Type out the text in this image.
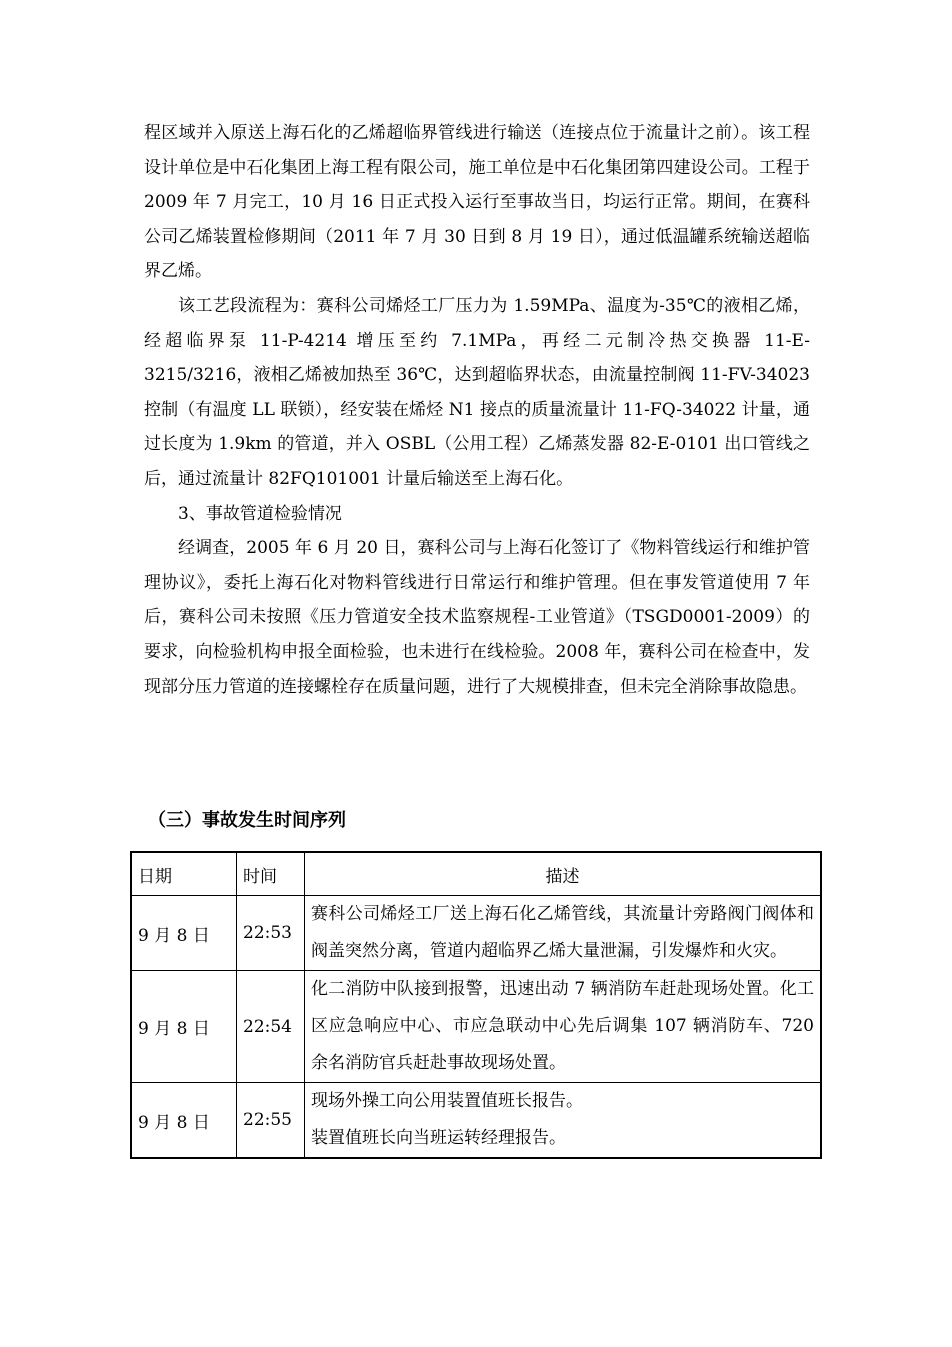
程区域并入原送上海石化的乙烯超临界管线进行输送（连接点位于流量计之前）。该工程设计单位是中石化集团上海工程有限公司，施工单位是中石化集团第四建设公司。工程于 2009 年 7 月完工，10 月 16 日正式投入运行至事故当日，均运行正常。期间，在赛科公司乙烯装置检修期间（2011 年 7 月 30 日到 8 月 19 日），通过低温罐系统输送超临界乙烯。

该工艺段流程为：赛科公司烯烃工厂压力为 1.59MPa、温度为-35℃的液相乙烯，经超临界泵 11-P-4214 增压至约 7.1MPa，再经二元制冷热交换器 11-E-3215/3216，液相乙烯被加热至 36℃，达到超临界状态，由流量控制阀 11-FV-34023 控制（有温度 LL 联锁），经安装在烯烃 N1 接点的质量流量计 11-FQ-34022 计量，通过长度为 1.9km 的管道，并入 OSBL（公用工程）乙烯蒸发器 82-E-0101 出口管线之后，通过流量计 82FQ101001 计量后输送至上海石化。

3、事故管道检验情况

经调查，2005 年 6 月 20 日，赛科公司与上海石化签订了《物料管线运行和维护管理协议》，委托上海石化对物料管线进行日常运行和维护管理。但在事发管道使用 7 年后，赛科公司未按照《压力管道安全技术监察规程-工业管道》（TSGD0001-2009）的要求，向检验机构申报全面检验，也未进行在线检验。2008 年，赛科公司在检查中，发现部分压力管道的连接螺栓存在质量问题，进行了大规模排查，但未完全消除事故隐患。

（三）事故发生时间序列
日期	时间	描述
9 月 8 日	22:53	赛科公司烯烃工厂送上海石化乙烯管线，其流量计旁路阀门阀体和阀盖突然分离，管道内超临界乙烯大量泄漏，引发爆炸和火灾。

9 月 8 日	22:54	化二消防中队接到报警，迅速出动 7 辆消防车赶赴现场处置。化工区应急响应中心、市应急联动中心先后调集 107 辆消防车、720 余名消防官兵赶赴事故现场处置。

9 月 8 日	22:55	现场外操工向公用装置值班长报告。
装置值班长向当班运转经理报告。
